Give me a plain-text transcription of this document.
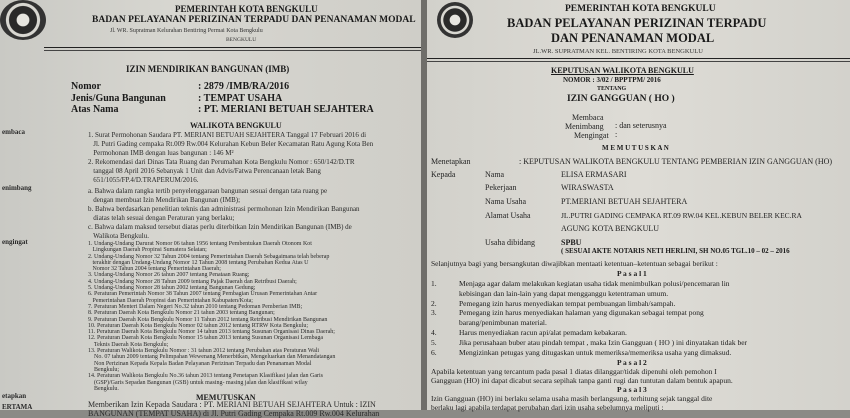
PEMERINTAH KOTA BENGKULU
BADAN PELAYANAN PERIZINAN TERPADU DAN PENANAMAN MODAL
Jl. WR. Supratman Kelurahan Bentiring Permai Kota Bengkulu
BENGKULU
IZIN MENDIRIKAN BANGUNAN (IMB)
Nomor	: 2879 /IMB/RA/2016
Jenis/Guna Bangunan	: TEMPAT USAHA
Atas Nama	: PT. MERIANI BETUAH SEJAHTERA
WALIKOTA BENGKULU
embaca	1. Surat Permohonan Saudara PT. MERIANI BETUAH SEJAHTERA Tanggal 17 Februari 2016 di
Jl. Putri Gading cempaka Rt.009 Rw.004 Kelurahan Kebun Beler Kecamatan Ratu Agung Kota Ben
Permohonan IMB dengan luas bangunan : 146 M²
2. Rekomendasi dari Dinas Tata Ruang dan Perumahan Kota Bengkulu Nomor : 650/142/D.TR
tanggal 08 April 2016 Sebanyak 1 Unit dan Advis/Fatwa Perencanaan letak Bang
651/1055/FP.4/D.TRAPERUM/2016.
enimbang	a. Bahwa dalam rangka tertib penyelenggaraan bangunan sesuai dengan tata ruang pe
dengan membuat Izin Mendirikan Bangunan (IMB);
b. Bahwa berdasarkan penelitian teknis dan administrasi permohonan Izin Mendirikan Bangunan
diatas telah sesuai dengan Peraturan yang berlaku;
c. Bahwa dalam maksud tersebut diatas perlu diterbitkan Izin Mendirikan Bangunan (IMB) de
Walikota Bengkulu.
engingat	1. Undang-Undang Darurat Nomor 06 tahun 1956 tentang Pembentukan Daerah Otonom Kot
Lingkungan Daerah Propinsi Sumatera Selatan;
2. Undang-Undang Nomor 32 Tahun 2004 tentang Pemerintahan Daerah Sebagaimana telah beberap
terakhir dengan Undang-Undang Nomor 12 Tahun 2008 tentang Perubahan Kedua Atas U
Nomor 32 Tahun 2004 tentang Pemerintahan Daerah;
3. Undang-Undang Nomor 26 tahun 2007 tentang Penataan Ruang;
4. Undang-Undang Nomor 28 Tahun 2009 tentang Pajak Daerah dan Retribusi Daerah;
5. Undang-Undang Nomor 28 tahun 2002 tentang Bangunan Gedung;
6. Peraturan Pemerintah Nomor 38 Tahun 2007 tentang Pembagian Urusan Pemerintahan Antar
Pemerintahan Daerah Propinsi dan Pemerintahan Kabupaten/Kota;
7. Peraturan Menteri Dalam Negeri No.32 tahun 2010 tentang Pedoman Pemberian IMB;
8. Peraturan Daerah Kota Bengkulu Nomor 21 tahun 2003 tentang Bangunan;
9. Peraturan Daerah Kota Bengkulu Nomor 11 Tahun 2012 tentang Retribusi Mendirikan Bangunan
10. Peraturan Daerah Kota Bengkulu Nomor 02 tahun 2012 tentang RTRW Kota Bengkulu;
11. Peraturan Daerah Kota Bengkulu Nomor 14 tahun 2013 tentang Susunan Organisasi Dinas Daerah;
12. Peraturan Daerah Kota Bengkulu Nomor 15 tahun 2013 tentang Susunan Organisasi Lembaga
Teknis Daerah Kota Bengkulu;
13. Peraturan Walikota Bengkulu Nomor : 31 tahun 2012 tentang Perubahan atas Peraturan Wali
No. 07 tahun 2009 tentang Pelimpahan Wewenang Menerbitkan, Mengeluarkan dan Menandatangan
Non Perizinan Kepada Kepala Badan Pelayanan Perizinan Terpadu dan Penanaman Modal
Bengkulu;
14. Peraturan Walikota Bengkulu No.36 tahun 2013 tentang Penetapan Klasifikasi jalan dan Garis
(GSP)/Garis Sepadan Bangunan (GSB) untuk masing- masing jalan dan klasifikasi wilay
Bengkulu.
MEMUTUSKAN
etapkan
ERTAMA	Memberikan Izin Kepada Saudara : PT. MERIANI BETUAH SEJAHTERA Untuk : IZIN
BANGUNAN (TEMPAT USAHA) di Jl. Putri Gading Cempaka Rt.009 Rw.004 Kelurahan
PEMERINTAH KOTA BENGKULU
BADAN PELAYANAN PERIZINAN TERPADU
DAN PENANAMAN MODAL
JL.WR. SUPRATMAN KEL. BENTIRING KOTA BENGKULU
KEPUTUSAN WALIKOTA BENGKULU
NOMOR : 3/02 / BPPTPM/ 2016
TENTANG
IZIN GANGGUAN ( HO )
Membaca
Menimbang : dan seterusnya
Mengingat :
M E M U T U S K A N
Menetapkan	: KEPUTUSAN WALIKOTA BENGKULU TENTANG PEMBERIAN IZIN GANGGUAN (HO)
Kepada	Nama	ELISA ERMASARI
Pekerjaan	WIRASWASTA
Nama Usaha	PT.MERIANI BETUAH SEJAHTERA
Alamat Usaha	JL.PUTRI GADING CEMPAKA RT.09 RW.04 KEL.KEBUN BELER KEC.RA
AGUNG KOTA BENGKULU
Usaha dibidang	SPBU
( SESUAI AKTE NOTARIS NETI HERLINI, SH NO.05 TGL.10 – 02 – 2016
Selanjutnya bagi yang bersangkutan diwajibkan mentaati ketentuan–ketentuan sebagai berikut :
P a s a l 1
1.	Menjaga agar dalam melakukan kegiatan usaha tidak menimbulkan polusi/pencemaran lin
kebisingan dan lain-lain yang dapat mengganggu ketentraman umum.
2.	Pemegang izin harus menyediakan tempat pembuangan limbah/sampah.
3.	Pemegang izin harus menyediakan halaman yang digunakan sebagai tempat pong
barang/penimbunan material.
4.	Harus menyediakan racun api/alat pemadam kebakaran.
5.	Jika perusahaan buber atau pindah tempat , maka Izin Gangguan ( HO ) ini dinyatakan tidak ber
6.	Mengizinkan petugas yang ditugaskan untuk memeriksa/memeriksa usaha yang dimaksud.
P a s a l 2
Apabila ketentuan yang tercantum pada pasal 1 diatas dilanggar/tidak dipenuhi oleh pemohon I
Gangguan (HO) ini dapat dicabut secara sepihak tanpa ganti rugi dan tuntutan dalam bentuk apapun.
P a s a l 3
Izin Gangguan (HO) ini berlaku selama usaha masih berlangsung, terhitung sejak tanggal dite
berlaku lagi apabila terdapat perubahan dari izin usaha sebelumnya meliputi :
